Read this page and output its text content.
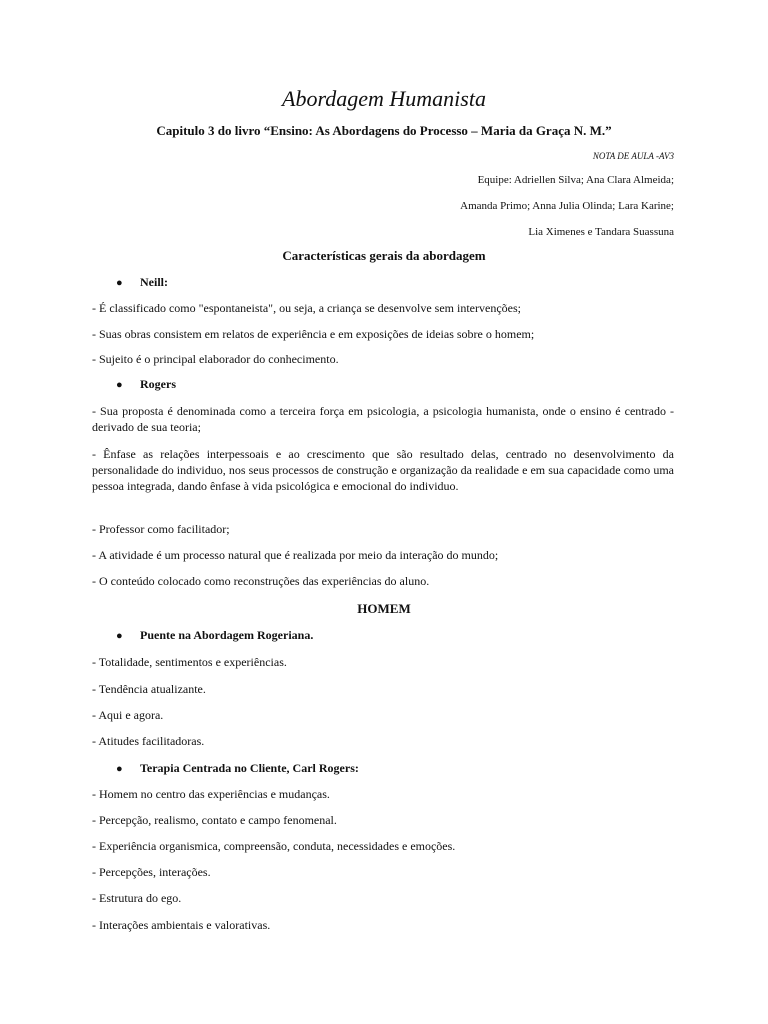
Abordagem Humanista

Capitulo 3 do livro “Ensino: As Abordagens do Processo – Maria da Graça N. M.”

NOTA DE AULA -AV3

Equipe: Adriellen Silva; Ana Clara Almeida;

Amanda Primo; Anna Julia Olinda; Lara Karine;

Lia Ximenes e Tandara Suassuna

Características gerais da abordagem

● Neill:

- É classificado como "espontaneista", ou seja, a criança se desenvolve sem intervenções;

- Suas obras consistem em relatos de experiência e em exposições de ideias sobre o homem;

- Sujeito é o principal elaborador do conhecimento.

● Rogers

- Sua proposta é denominada como a terceira força em psicologia, a psicologia humanista, onde o ensino é centrado - derivado de sua teoria;

- Ênfase as relações interpessoais e ao crescimento que são resultado delas, centrado no desenvolvimento da personalidade do individuo, nos seus processos de construção e organização da realidade e em sua capacidade como uma pessoa integrada, dando ênfase à vida psicológica e emocional do individuo.

- Professor como facilitador;

- A atividade é um processo natural que é realizada por meio da interação do mundo;

- O conteúdo colocado como reconstruções das experiências do aluno.

HOMEM

● Puente na Abordagem Rogeriana.

- Totalidade, sentimentos e experiências.

- Tendência atualizante.

- Aqui e agora.

- Atitudes facilitadoras.

● Terapia Centrada no Cliente, Carl Rogers:

- Homem no centro das experiências e mudanças.

- Percepção, realismo, contato e campo fenomenal.

- Experiência organismica, compreensão, conduta, necessidades e emoções.

- Percepções, interações.

- Estrutura do ego.

- Interações ambientais e valorativas.
